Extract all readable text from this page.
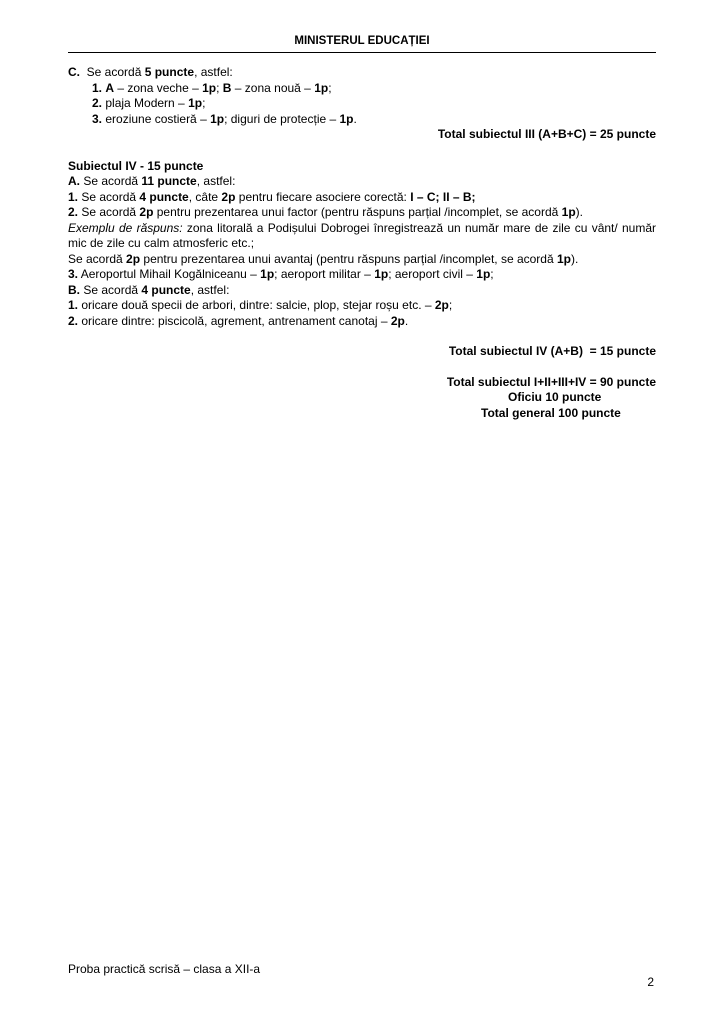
MINISTERUL EDUCAȚIEI

C. Se acordă 5 puncte, astfel:

1. A – zona veche – 1p; B – zona nouă – 1p;

2. plaja Modern – 1p;

3. eroziune costieră – 1p; diguri de protecție – 1p.

Total subiectul III (A+B+C) = 25 puncte

Subiectul IV - 15 puncte

A. Se acordă 11 puncte, astfel:

1. Se acordă 4 puncte, câte 2p pentru fiecare asociere corectă: I – C; II – B;

2. Se acordă 2p pentru prezentarea unui factor (pentru răspuns parțial /incomplet, se acordă 1p).

Exemplu de răspuns: zona litorală a Podișului Dobrogei înregistrează un număr mare de zile cu vânt/ număr mic de zile cu calm atmosferic etc.;

Se acordă 2p pentru prezentarea unui avantaj (pentru răspuns parțial /incomplet, se acordă 1p).

3. Aeroportul Mihail Kogălniceanu – 1p; aeroport militar – 1p; aeroport civil – 1p;

B. Se acordă 4 puncte, astfel:

1. oricare două specii de arbori, dintre: salcie, plop, stejar roșu etc. – 2p;

2. oricare dintre: piscicolă, agrement, antrenament canotaj – 2p.

Total subiectul IV (A+B)  = 15 puncte
Total subiectul I+II+III+IV = 90 puncte
Oficiu 10 puncte
Total general 100 puncte
Proba practică scrisă – clasa a XII-a
2
